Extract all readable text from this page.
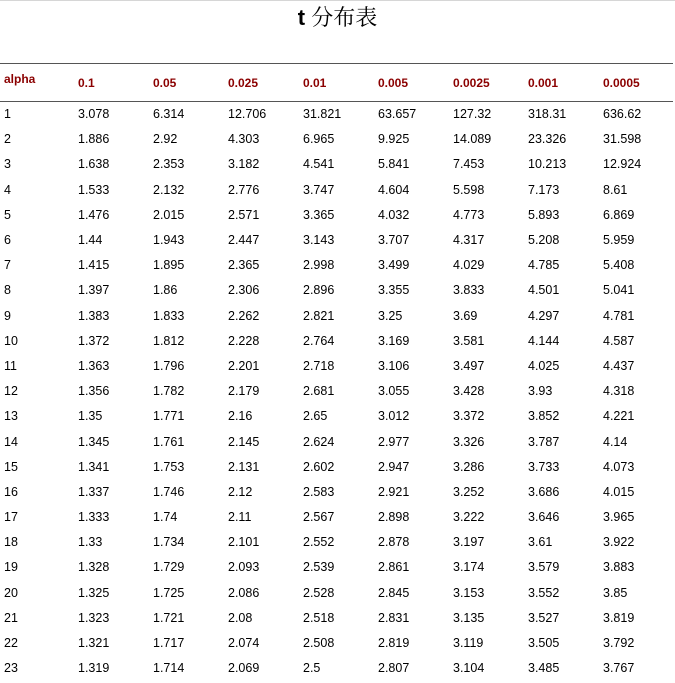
t 分布表
alpha	0.1	0.05	0.025	0.01	0.005	0.0025	0.001	0.0005
1	3.078	6.314	12.706	31.821	63.657	127.32	318.31	636.62
2	1.886	2.92	4.303	6.965	9.925	14.089	23.326	31.598
3	1.638	2.353	3.182	4.541	5.841	7.453	10.213	12.924
4	1.533	2.132	2.776	3.747	4.604	5.598	7.173	8.61
5	1.476	2.015	2.571	3.365	4.032	4.773	5.893	6.869
6	1.44	1.943	2.447	3.143	3.707	4.317	5.208	5.959
7	1.415	1.895	2.365	2.998	3.499	4.029	4.785	5.408
8	1.397	1.86	2.306	2.896	3.355	3.833	4.501	5.041
9	1.383	1.833	2.262	2.821	3.25	3.69	4.297	4.781
10	1.372	1.812	2.228	2.764	3.169	3.581	4.144	4.587
11	1.363	1.796	2.201	2.718	3.106	3.497	4.025	4.437
12	1.356	1.782	2.179	2.681	3.055	3.428	3.93	4.318
13	1.35	1.771	2.16	2.65	3.012	3.372	3.852	4.221
14	1.345	1.761	2.145	2.624	2.977	3.326	3.787	4.14
15	1.341	1.753	2.131	2.602	2.947	3.286	3.733	4.073
16	1.337	1.746	2.12	2.583	2.921	3.252	3.686	4.015
17	1.333	1.74	2.11	2.567	2.898	3.222	3.646	3.965
18	1.33	1.734	2.101	2.552	2.878	3.197	3.61	3.922
19	1.328	1.729	2.093	2.539	2.861	3.174	3.579	3.883
20	1.325	1.725	2.086	2.528	2.845	3.153	3.552	3.85
21	1.323	1.721	2.08	2.518	2.831	3.135	3.527	3.819
22	1.321	1.717	2.074	2.508	2.819	3.119	3.505	3.792
23	1.319	1.714	2.069	2.5	2.807	3.104	3.485	3.767
